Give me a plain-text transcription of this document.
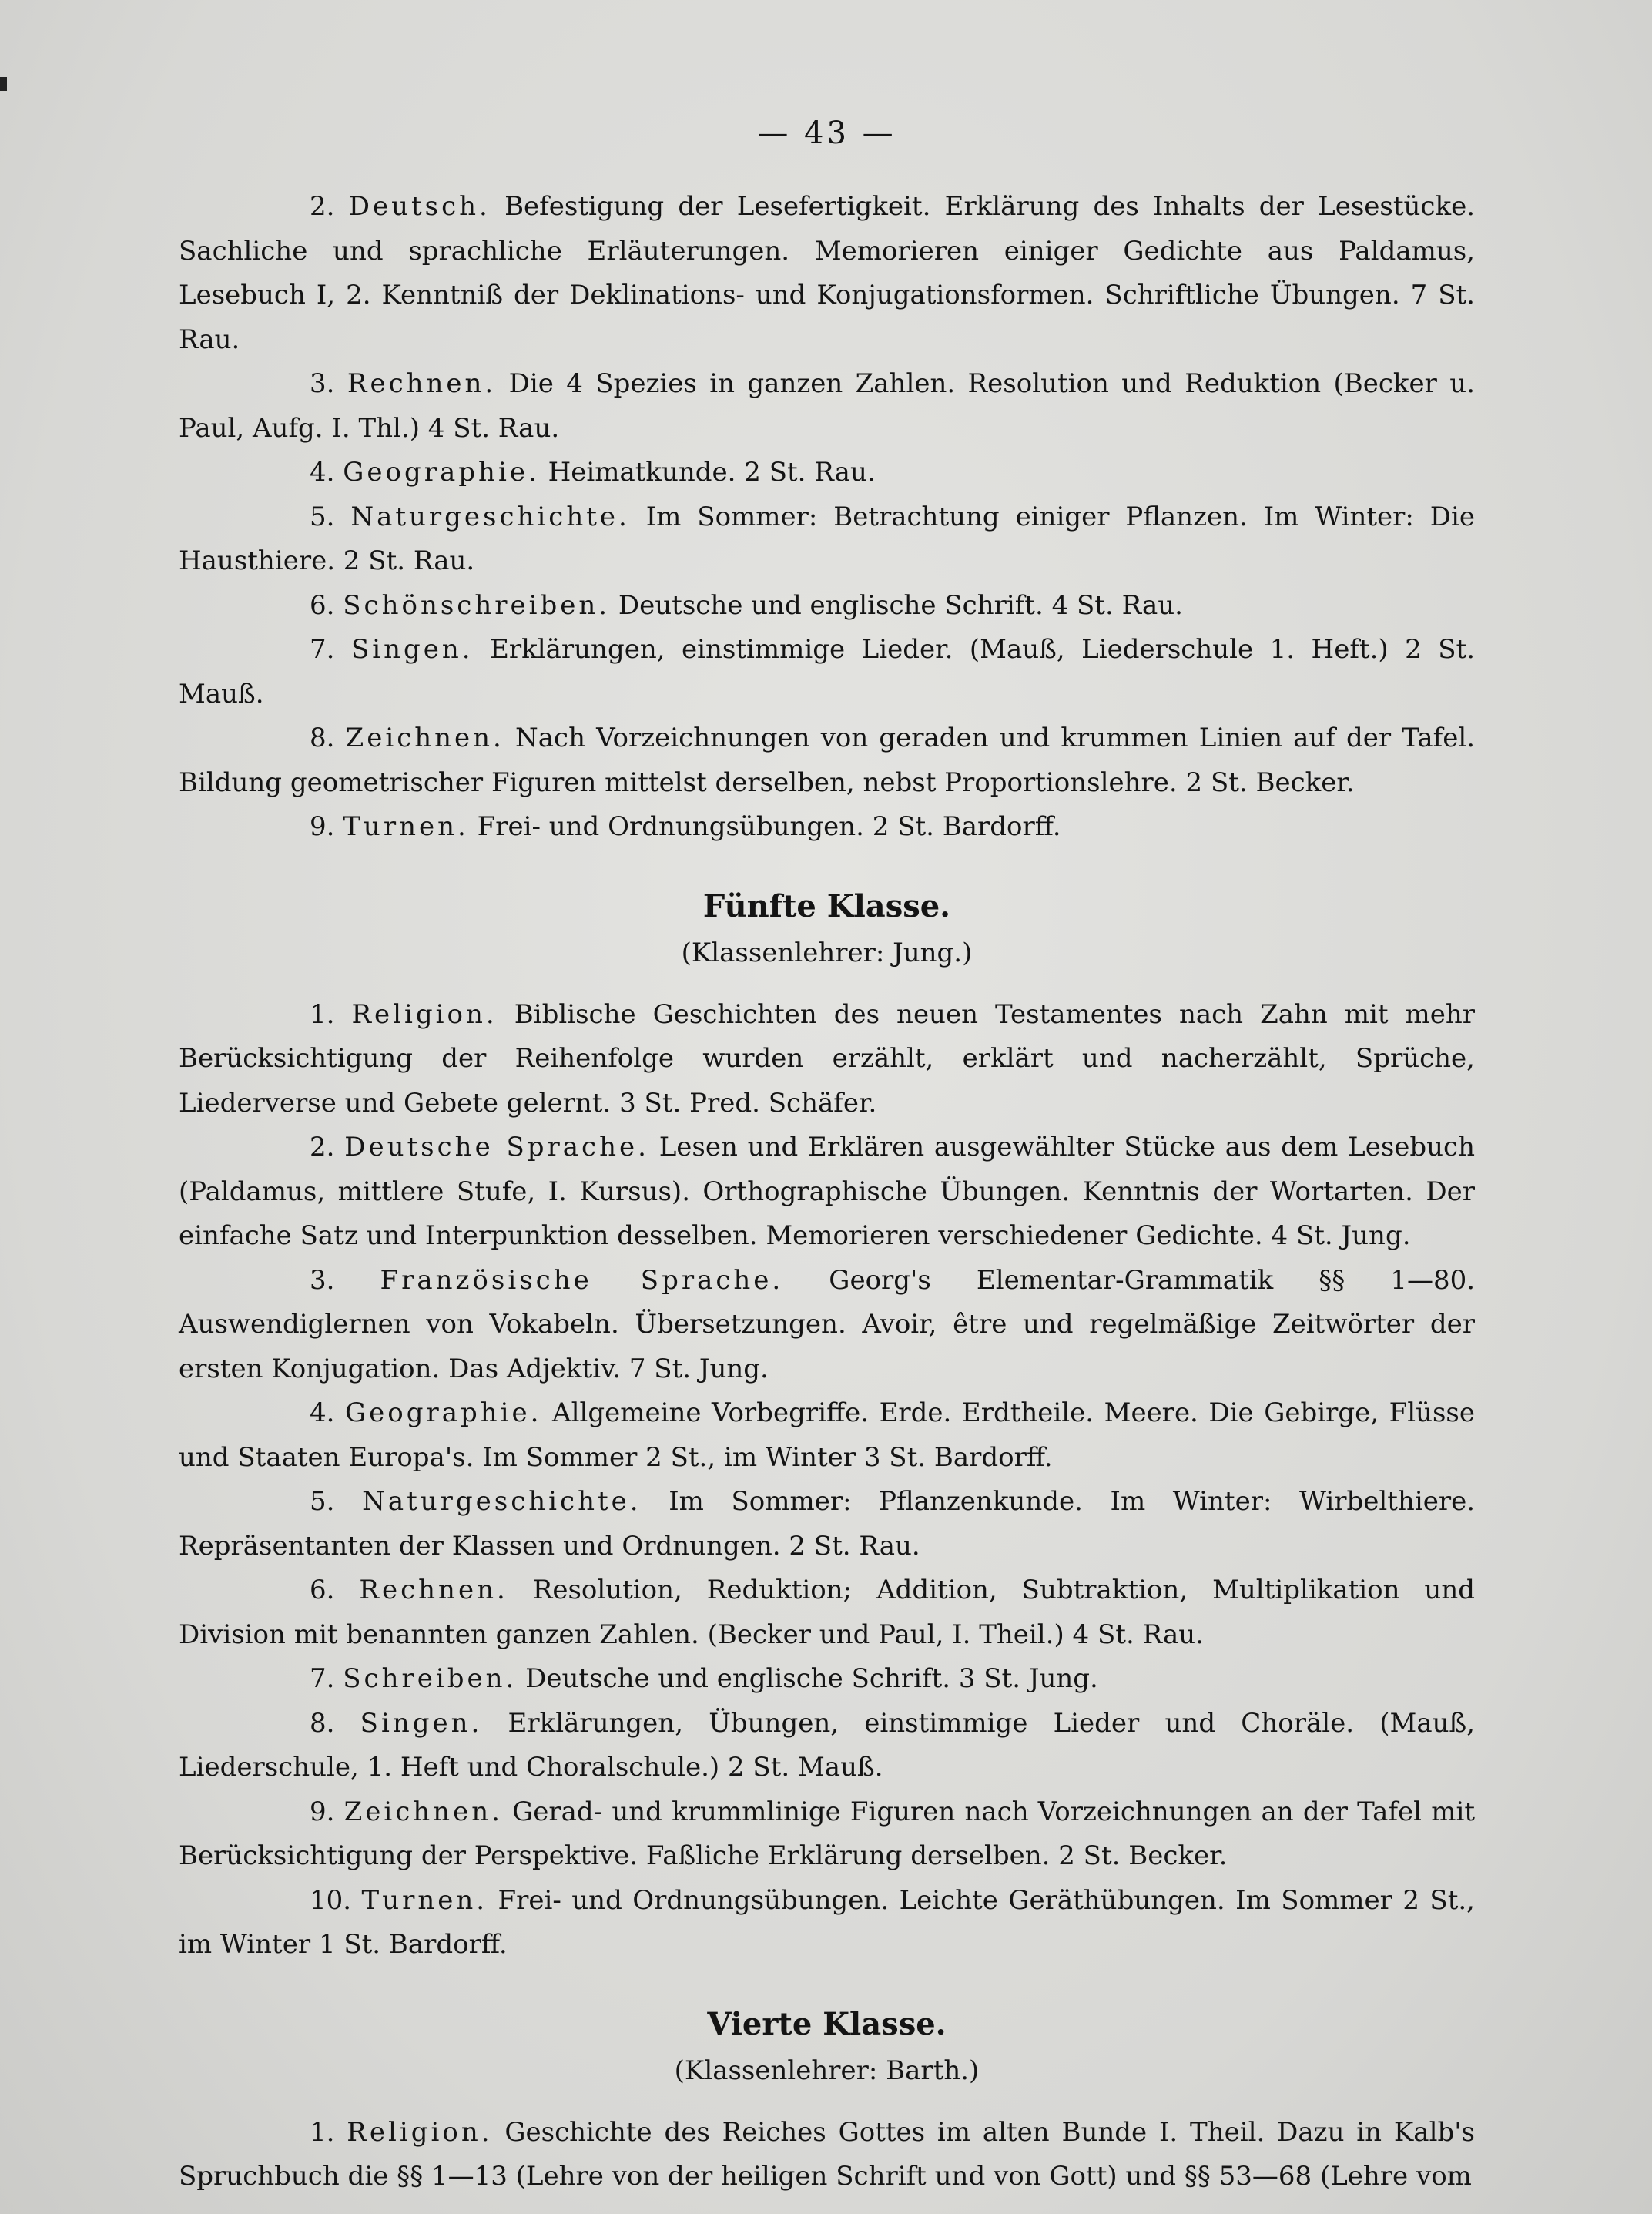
— 43 —

2. Deutsch. Befestigung der Lesefertigkeit. Erklärung des Inhalts der Lesestücke. Sachliche und sprachliche Erläuterungen. Memorieren einiger Gedichte aus Paldamus, Lesebuch I, 2. Kenntniß der Deklinations- und Konjugationsformen. Schriftliche Übungen. 7 St. Rau.

3. Rechnen. Die 4 Spezies in ganzen Zahlen. Resolution und Reduktion (Becker u. Paul, Aufg. I. Thl.) 4 St. Rau.

4. Geographie. Heimatkunde. 2 St. Rau.

5. Naturgeschichte. Im Sommer: Betrachtung einiger Pflanzen. Im Winter: Die Hausthiere. 2 St. Rau.

6. Schönschreiben. Deutsche und englische Schrift. 4 St. Rau.

7. Singen. Erklärungen, einstimmige Lieder. (Mauß, Liederschule 1. Heft.) 2 St. Mauß.

8. Zeichnen. Nach Vorzeichnungen von geraden und krummen Linien auf der Tafel. Bildung geometrischer Figuren mittelst derselben, nebst Proportionslehre. 2 St. Becker.

9. Turnen. Frei- und Ordnungsübungen. 2 St. Bardorff.

Fünfte Klasse.
(Klassenlehrer: Jung.)

1. Religion. Biblische Geschichten des neuen Testamentes nach Zahn mit mehr Berücksichtigung der Reihenfolge wurden erzählt, erklärt und nacherzählt, Sprüche, Liederverse und Gebete gelernt. 3 St. Pred. Schäfer.

2. Deutsche Sprache. Lesen und Erklären ausgewählter Stücke aus dem Lesebuch (Paldamus, mittlere Stufe, I. Kursus). Orthographische Übungen. Kenntnis der Wortarten. Der einfache Satz und Interpunktion desselben. Memorieren verschiedener Gedichte. 4 St. Jung.

3. Französische Sprache. Georg's Elementar-Grammatik §§ 1—80. Auswendiglernen von Vokabeln. Übersetzungen. Avoir, être und regelmäßige Zeitwörter der ersten Konjugation. Das Adjektiv. 7 St. Jung.

4. Geographie. Allgemeine Vorbegriffe. Erde. Erdtheile. Meere. Die Gebirge, Flüsse und Staaten Europa's. Im Sommer 2 St., im Winter 3 St. Bardorff.

5. Naturgeschichte. Im Sommer: Pflanzenkunde. Im Winter: Wirbelthiere. Repräsentanten der Klassen und Ordnungen. 2 St. Rau.

6. Rechnen. Resolution, Reduktion; Addition, Subtraktion, Multiplikation und Division mit benannten ganzen Zahlen. (Becker und Paul, I. Theil.) 4 St. Rau.

7. Schreiben. Deutsche und englische Schrift. 3 St. Jung.

8. Singen. Erklärungen, Übungen, einstimmige Lieder und Choräle. (Mauß, Liederschule, 1. Heft und Choralschule.) 2 St. Mauß.

9. Zeichnen. Gerad- und krummlinige Figuren nach Vorzeichnungen an der Tafel mit Berücksichtigung der Perspektive. Faßliche Erklärung derselben. 2 St. Becker.

10. Turnen. Frei- und Ordnungsübungen. Leichte Geräthübungen. Im Sommer 2 St., im Winter 1 St. Bardorff.

Vierte Klasse.
(Klassenlehrer: Barth.)

1. Religion. Geschichte des Reiches Gottes im alten Bunde I. Theil. Dazu in Kalb's Spruchbuch die §§ 1—13 (Lehre von der heiligen Schrift und von Gott) und §§ 53—68 (Lehre vom
